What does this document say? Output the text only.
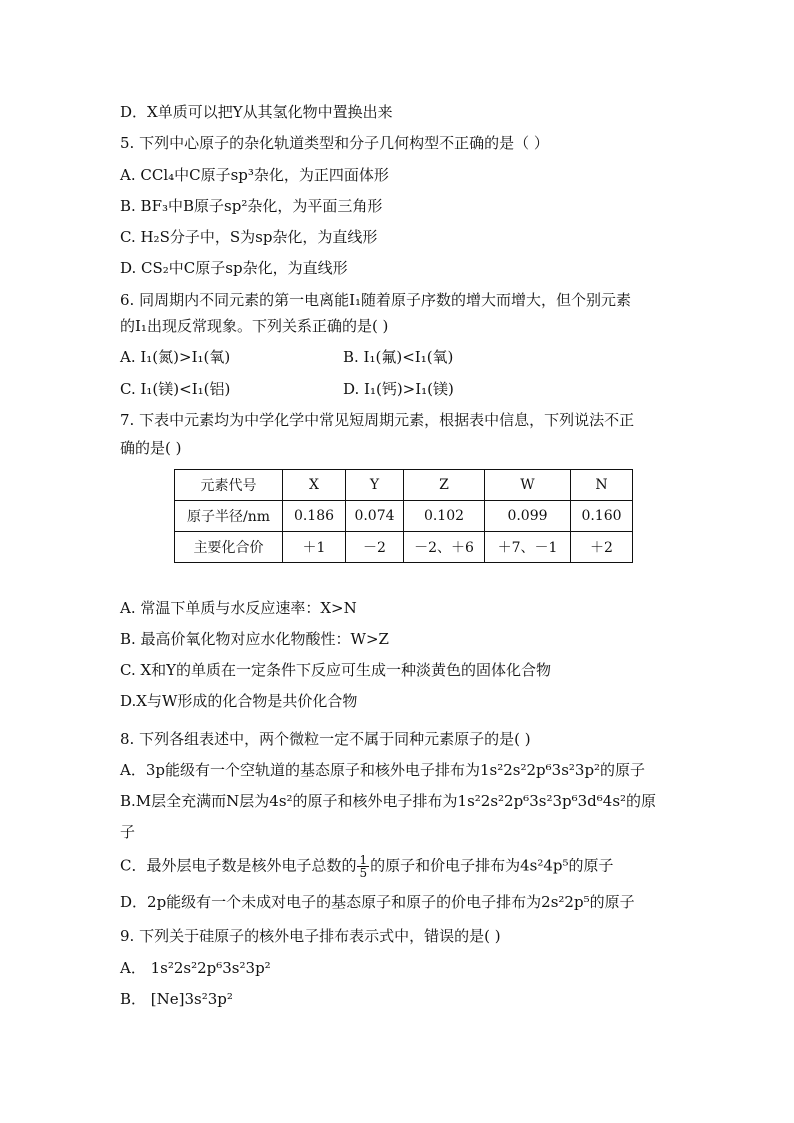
D．X单质可以把Y从其氢化物中置换出来
5. 下列中心原子的杂化轨道类型和分子几何构型不正确的是（ ）
A. CCl₄中C原子sp³杂化，为正四面体形
B. BF₃中B原子sp²杂化，为平面三角形
C. H₂S分子中，S为sp杂化，为直线形
D. CS₂中C原子sp杂化，为直线形
6. 同周期内不同元素的第一电离能I₁随着原子序数的增大而增大，但个别元素
的I₁出现反常现象。下列关系正确的是( )
A. I₁(氮)>I₁(氧)	B. I₁(氟)<I₁(氧)
C. I₁(镁)<I₁(铝)	D. I₁(钙)>I₁(镁)
7. 下表中元素均为中学化学中常见短周期元素，根据表中信息，下列说法不正
确的是( )
A. 常温下单质与水反应速率：X>N
B. 最高价氧化物对应水化物酸性：W>Z
C. X和Y的单质在一定条件下反应可生成一种淡黄色的固体化合物
D.X与W形成的化合物是共价化合物
8. 下列各组表述中，两个微粒一定不属于同种元素原子的是( )
A．3p能级有一个空轨道的基态原子和核外电子排布为1s²2s²2p⁶3s²3p²的原子
B.M层全充满而N层为4s²的原子和核外电子排布为1s²2s²2p⁶3s²3p⁶3d⁶4s²的原
子
D．2p能级有一个未成对电子的基态原子和原子的价电子排布为2s²2p⁵的原子
9. 下列关于硅原子的核外电子排布表示式中，错误的是( )
A． 1s²2s²2p⁶3s²3p²
B． [Ne]3s²3p²
C．最外层电子数是核外电子总数的 $\frac{1}{5}$ 的原子和价电子排布为4s²4p⁵的原子
元素代号	X	Y	Z	W	N
原子半径/nm	0.186	0.074	0.102	0.099	0.160
主要化合价	＋1	－2	－2、＋6	＋7、－1	＋2
